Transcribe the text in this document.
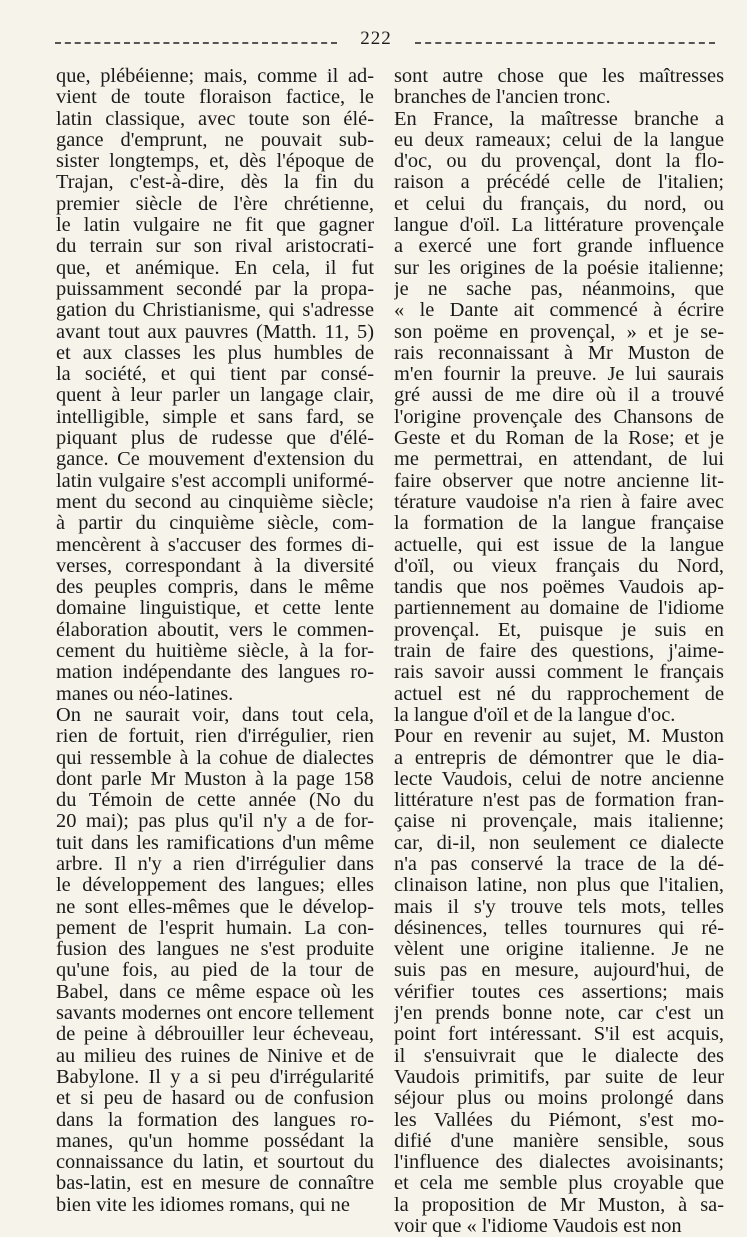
222
que, plébéienne; mais, comme il ad-
vient de toute floraison factice, le
latin classique, avec toute son élé-
gance d'emprunt, ne pouvait sub-
sister longtemps, et, dès l'époque de
Trajan, c'est-à-dire, dès la fin du
premier siècle de l'ère chrétienne,
le latin vulgaire ne fit que gagner
du terrain sur son rival aristocrati-
que, et anémique. En cela, il fut
puissamment secondé par la propa-
gation du Christianisme, qui s'adresse
avant tout aux pauvres (Matth. 11, 5)
et aux classes les plus humbles de
la société, et qui tient par consé-
quent à leur parler un langage clair,
intelligible, simple et sans fard, se
piquant plus de rudesse que d'élé-
gance. Ce mouvement d'extension du
latin vulgaire s'est accompli uniformé-
ment du second au cinquième siècle;
à partir du cinquième siècle, com-
mencèrent à s'accuser des formes di-
verses, correspondant à la diversité
des peuples compris, dans le même
domaine linguistique, et cette lente
élaboration aboutit, vers le commen-
cement du huitième siècle, à la for-
mation indépendante des langues ro-
manes ou néo-latines.
On ne saurait voir, dans tout cela,
rien de fortuit, rien d'irrégulier, rien
qui ressemble à la cohue de dialectes
dont parle Mr Muston à la page 158
du Témoin de cette année (No du
20 mai); pas plus qu'il n'y a de for-
tuit dans les ramifications d'un même
arbre. Il n'y a rien d'irrégulier dans
le développement des langues; elles
ne sont elles-mêmes que le dévelop-
pement de l'esprit humain. La con-
fusion des langues ne s'est produite
qu'une fois, au pied de la tour de
Babel, dans ce même espace où les
savants modernes ont encore tellement
de peine à débrouiller leur écheveau,
au milieu des ruines de Ninive et de
Babylone. Il y a si peu d'irrégularité
et si peu de hasard ou de confusion
dans la formation des langues ro-
manes, qu'un homme possédant la
connaissance du latin, et sourtout du
bas-latin, est en mesure de connaître
bien vite les idiomes romans, qui ne
sont autre chose que les maîtresses
branches de l'ancien tronc.
En France, la maîtresse branche a
eu deux rameaux; celui de la langue
d'oc, ou du provençal, dont la flo-
raison a précédé celle de l'italien;
et celui du français, du nord, ou
langue d'oïl. La littérature provençale
a exercé une fort grande influence
sur les origines de la poésie italienne;
je ne sache pas, néanmoins, que
« le Dante ait commencé à écrire
son poëme en provençal, » et je se-
rais reconnaissant à Mr Muston de
m'en fournir la preuve. Je lui saurais
gré aussi de me dire où il a trouvé
l'origine provençale des Chansons de
Geste et du Roman de la Rose; et je
me permettrai, en attendant, de lui
faire observer que notre ancienne lit-
térature vaudoise n'a rien à faire avec
la formation de la langue française
actuelle, qui est issue de la langue
d'oïl, ou vieux français du Nord,
tandis que nos poëmes Vaudois ap-
partiennement au domaine de l'idiome
provençal. Et, puisque je suis en
train de faire des questions, j'aime-
rais savoir aussi comment le français
actuel est né du rapprochement de
la langue d'oïl et de la langue d'oc.
Pour en revenir au sujet, M. Muston
a entrepris de démontrer que le dia-
lecte Vaudois, celui de notre ancienne
littérature n'est pas de formation fran-
çaise ni provençale, mais italienne;
car, di-il, non seulement ce dialecte
n'a pas conservé la trace de la dé-
clinaison latine, non plus que l'italien,
mais il s'y trouve tels mots, telles
désinences, telles tournures qui ré-
vèlent une origine italienne. Je ne
suis pas en mesure, aujourd'hui, de
vérifier toutes ces assertions; mais
j'en prends bonne note, car c'est un
point fort intéressant. S'il est acquis,
il s'ensuivrait que le dialecte des
Vaudois primitifs, par suite de leur
séjour plus ou moins prolongé dans
les Vallées du Piémont, s'est mo-
difié d'une manière sensible, sous
l'influence des dialectes avoisinants;
et cela me semble plus croyable que
la proposition de Mr Muston, à sa-
voir que « l'idiome Vaudois est non
